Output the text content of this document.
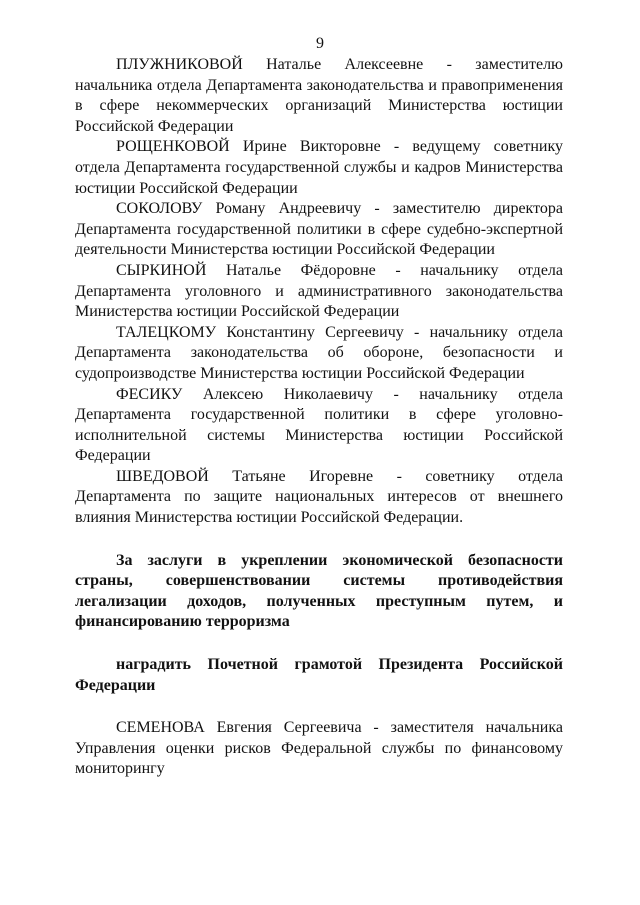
9

ПЛУЖНИКОВОЙ Наталье Алексеевне - заместителю начальника отдела Департамента законодательства и правоприменения в сфере некоммерческих организаций Министерства юстиции Российской Федерации

РОЩЕНКОВОЙ Ирине Викторовне - ведущему советнику отдела Департамента государственной службы и кадров Министерства юстиции Российской Федерации

СОКОЛОВУ Роману Андреевичу - заместителю директора Департамента государственной политики в сфере судебно-экспертной деятельности Министерства юстиции Российской Федерации

СЫРКИНОЙ Наталье Фёдоровне - начальнику отдела Департамента уголовного и административного законодательства Министерства юстиции Российской Федерации

ТАЛЕЦКОМУ Константину Сергеевичу - начальнику отдела Департамента законодательства об обороне, безопасности и судопроизводстве Министерства юстиции Российской Федерации

ФЕСИКУ Алексею Николаевичу - начальнику отдела Департамента государственной политики в сфере уголовно-исполнительной системы Министерства юстиции Российской Федерации

ШВЕДОВОЙ Татьяне Игоревне - советнику отдела Департамента по защите национальных интересов от внешнего влияния Министерства юстиции Российской Федерации.

За заслуги в укреплении экономической безопасности страны, совершенствовании системы противодействия легализации доходов, полученных преступным путем, и финансированию терроризма

наградить Почетной грамотой Президента Российской Федерации

СЕМЕНОВА Евгения Сергеевича - заместителя начальника Управления оценки рисков Федеральной службы по финансовому мониторингу
